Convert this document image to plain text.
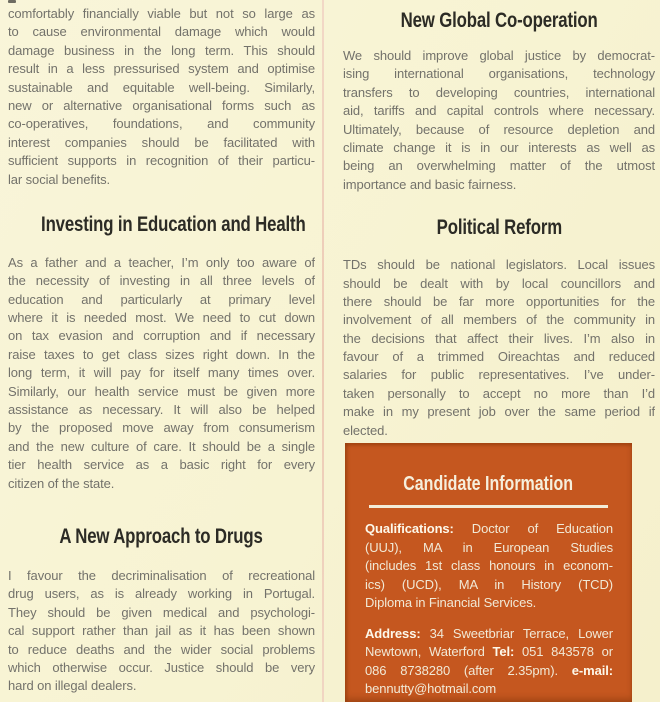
comfortably financially viable but not so large as
to cause environmental damage which would
damage business in the long term. This should
result in a less pressurised system and optimise
sustainable and equitable well-being. Similarly,
new or alternative organisational forms such as
co-operatives, foundations, and community
interest companies should be facilitated with
sufficient supports in recognition of their particu-
lar social benefits.
Investing in Education and Health
As a father and a teacher, I’m only too aware of
the necessity of investing in all three levels of
education and particularly at primary level
where it is needed most. We need to cut down
on tax evasion and corruption and if necessary
raise taxes to get class sizes right down. In the
long term, it will pay for itself many times over.
Similarly, our health service must be given more
assistance as necessary. It will also be helped
by the proposed move away from consumerism
and the new culture of care. It should be a single
tier health service as a basic right for every
citizen of the state.
A New Approach to Drugs
I favour the decriminalisation of recreational
drug users, as is already working in Portugal.
They should be given medical and psychologi-
cal support rather than jail as it has been shown
to reduce deaths and the wider social problems
which otherwise occur. Justice should be very
hard on illegal dealers.
New Global Co-operation
We should improve global justice by democrat-
ising international organisations, technology
transfers to developing countries, international
aid, tariffs and capital controls where necessary.
Ultimately, because of resource depletion and
climate change it is in our interests as well as
being an overwhelming matter of the utmost
importance and basic fairness.
Political Reform
TDs should be national legislators. Local issues
should be dealt with by local councillors and
there should be far more opportunities for the
involvement of all members of the community in
the decisions that affect their lives. I’m also in
favour of a trimmed Oireachtas and reduced
salaries for public representatives. I’ve under-
taken personally to accept no more than I’d
make in my present job over the same period if
elected.
Candidate Information
Qualifications: Doctor of Education
(UUJ), MA in European Studies
(includes 1st class honours in econom-
ics) (UCD), MA in History (TCD)
Diploma in Financial Services.
Address: 34 Sweetbriar Terrace, Lower
Newtown, Waterford Tel: 051 843578 or
086 8738280 (after 2.35pm). e-mail:
bennutty@hotmail.com
